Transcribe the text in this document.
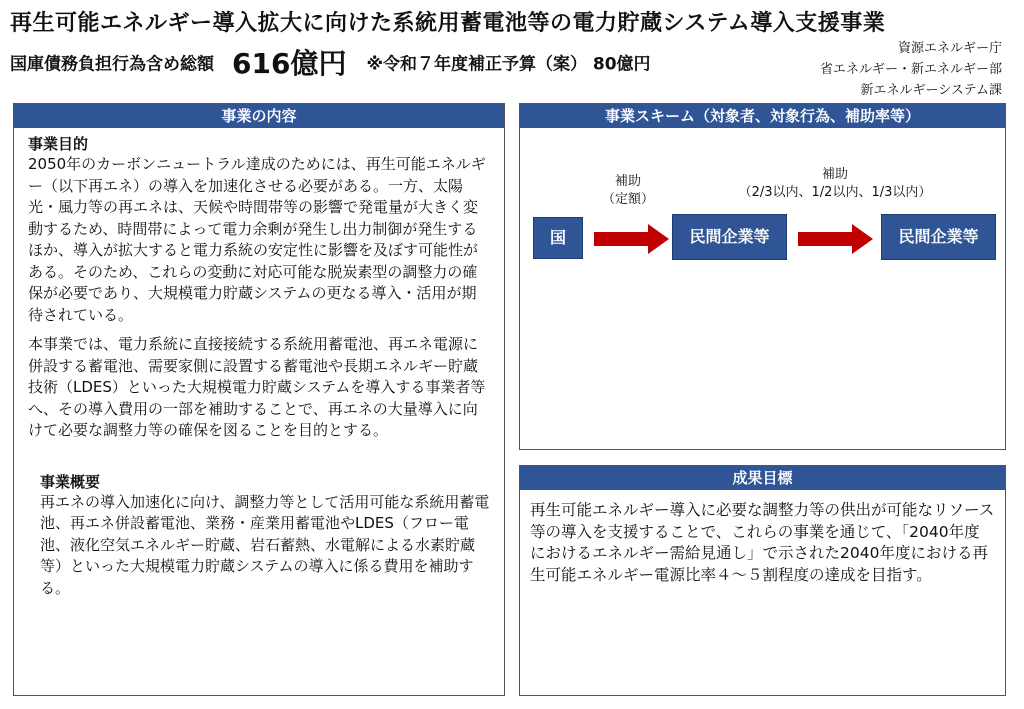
再生可能エネルギー導入拡大に向けた系統用蓄電池等の電力貯蔵システム導入支援事業
国庫債務負担行為含め総額 616億円 ※令和７年度補正予算（案） 80億円
資源エネルギー庁
省エネルギー・新エネルギー部
新エネルギーシステム課
事業の内容
事業目的

2050年のカーボンニュートラル達成のためには、再生可能エネルギー（以下再エネ）の導入を加速化させる必要がある。一方、太陽光・風力等の再エネは、天候や時間帯等の影響で発電量が大きく変動するため、時間帯によって電力余剰が発生し出力制御が発生するほか、導入が拡大すると電力系統の安定性に影響を及ぼす可能性がある。そのため、これらの変動に対応可能な脱炭素型の調整力の確保が必要であり、大規模電力貯蔵システムの更なる導入・活用が期待されている。

本事業では、電力系統に直接接続する系統用蓄電池、再エネ電源に併設する蓄電池、需要家側に設置する蓄電池や長期エネルギー貯蔵技術（LDES）といった大規模電力貯蔵システムを導入する事業者等へ、その導入費用の一部を補助することで、再エネの大量導入に向けて必要な調整力等の確保を図ることを目的とする。

事業概要

再エネの導入加速化に向け、調整力等として活用可能な系統用蓄電池、再エネ併設蓄電池、業務・産業用蓄電池やLDES（フロー電池、液化空気エネルギー貯蔵、岩石蓄熱、水電解による水素貯蔵等）といった大規模電力貯蔵システムの導入に係る費用を補助する。

事業スキーム（対象者、対象行為、補助率等）
補助
（定額）
補助
（2/3以内、1/2以内、1/3以内）
国	民間企業等	民間企業等
成果目標
再生可能エネルギー導入に必要な調整力等の供出が可能なリソース等の導入を支援することで、これらの事業を通じて、「2040年度におけるエネルギー需給見通し」で示された2040年度における再生可能エネルギー電源比率４～５割程度の達成を目指す。
